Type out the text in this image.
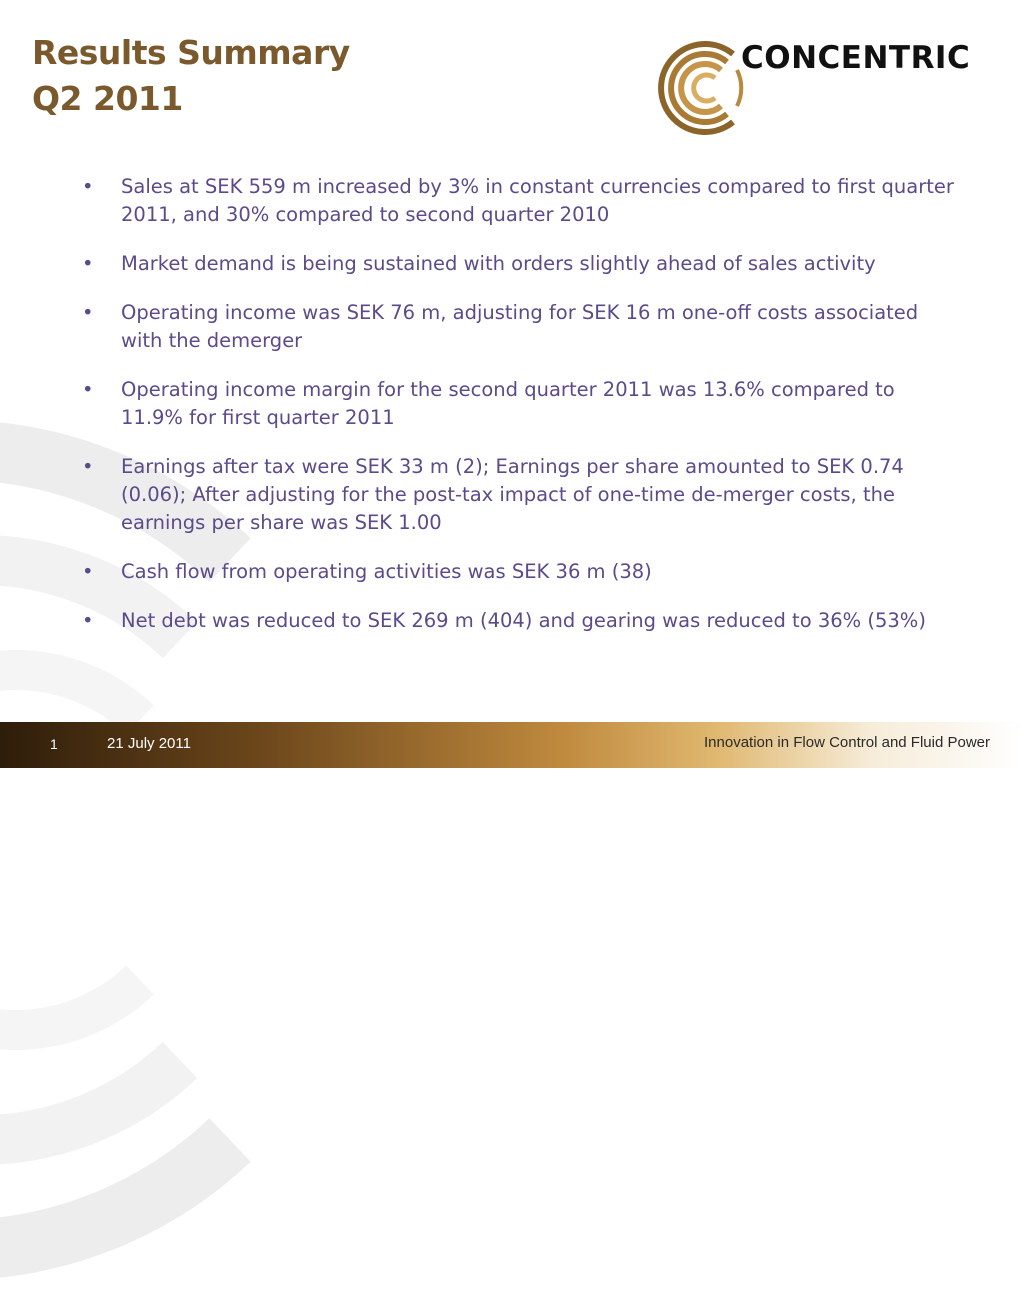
Results Summary
Q2 2011
CONCENTRIC
• Sales at SEK 559 m increased by 3% in constant currencies compared to first quarter 2011, and 30% compared to second quarter 2010
• Market demand is being sustained with orders slightly ahead of sales activity
• Operating income was SEK 76 m, adjusting for SEK 16 m one-off costs associated with the demerger
• Operating income margin for the second quarter 2011 was 13.6% compared to 11.9% for first quarter 2011
• Earnings after tax were SEK 33 m (2); Earnings per share amounted to SEK 0.74 (0.06); After adjusting for the post-tax impact of one-time de-merger costs, the earnings per share was SEK 1.00
• Cash flow from operating activities was SEK 36 m (38)
• Net debt was reduced to SEK 269 m (404) and gearing was reduced to 36% (53%)
1	21 July 2011	Innovation in Flow Control and Fluid Power
